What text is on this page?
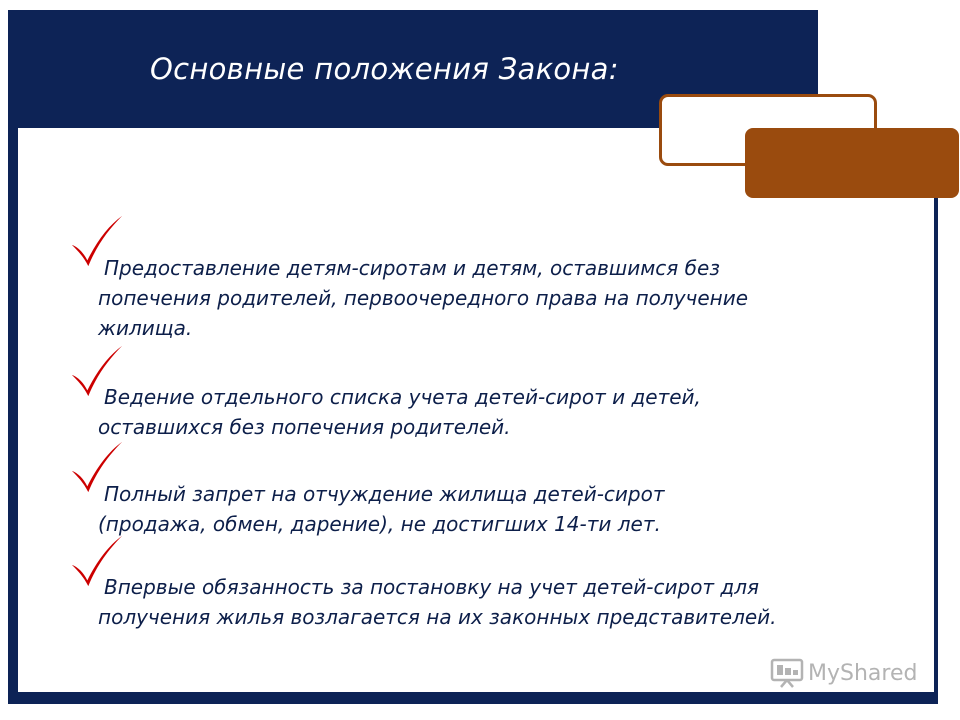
Основные положения Закона:

Предоставление детям-сиротам и детям, оставшимся без попечения родителей, первоочередного права на получение жилища.

Ведение отдельного списка учета детей-сирот и детей, оставшихся без попечения родителей.

Полный запрет на отчуждение жилища детей-сирот (продажа, обмен, дарение), не достигших 14-ти лет.

Впервые обязанность за постановку на учет детей-сирот для получения жилья возлагается на их законных представителей.

MyShared
